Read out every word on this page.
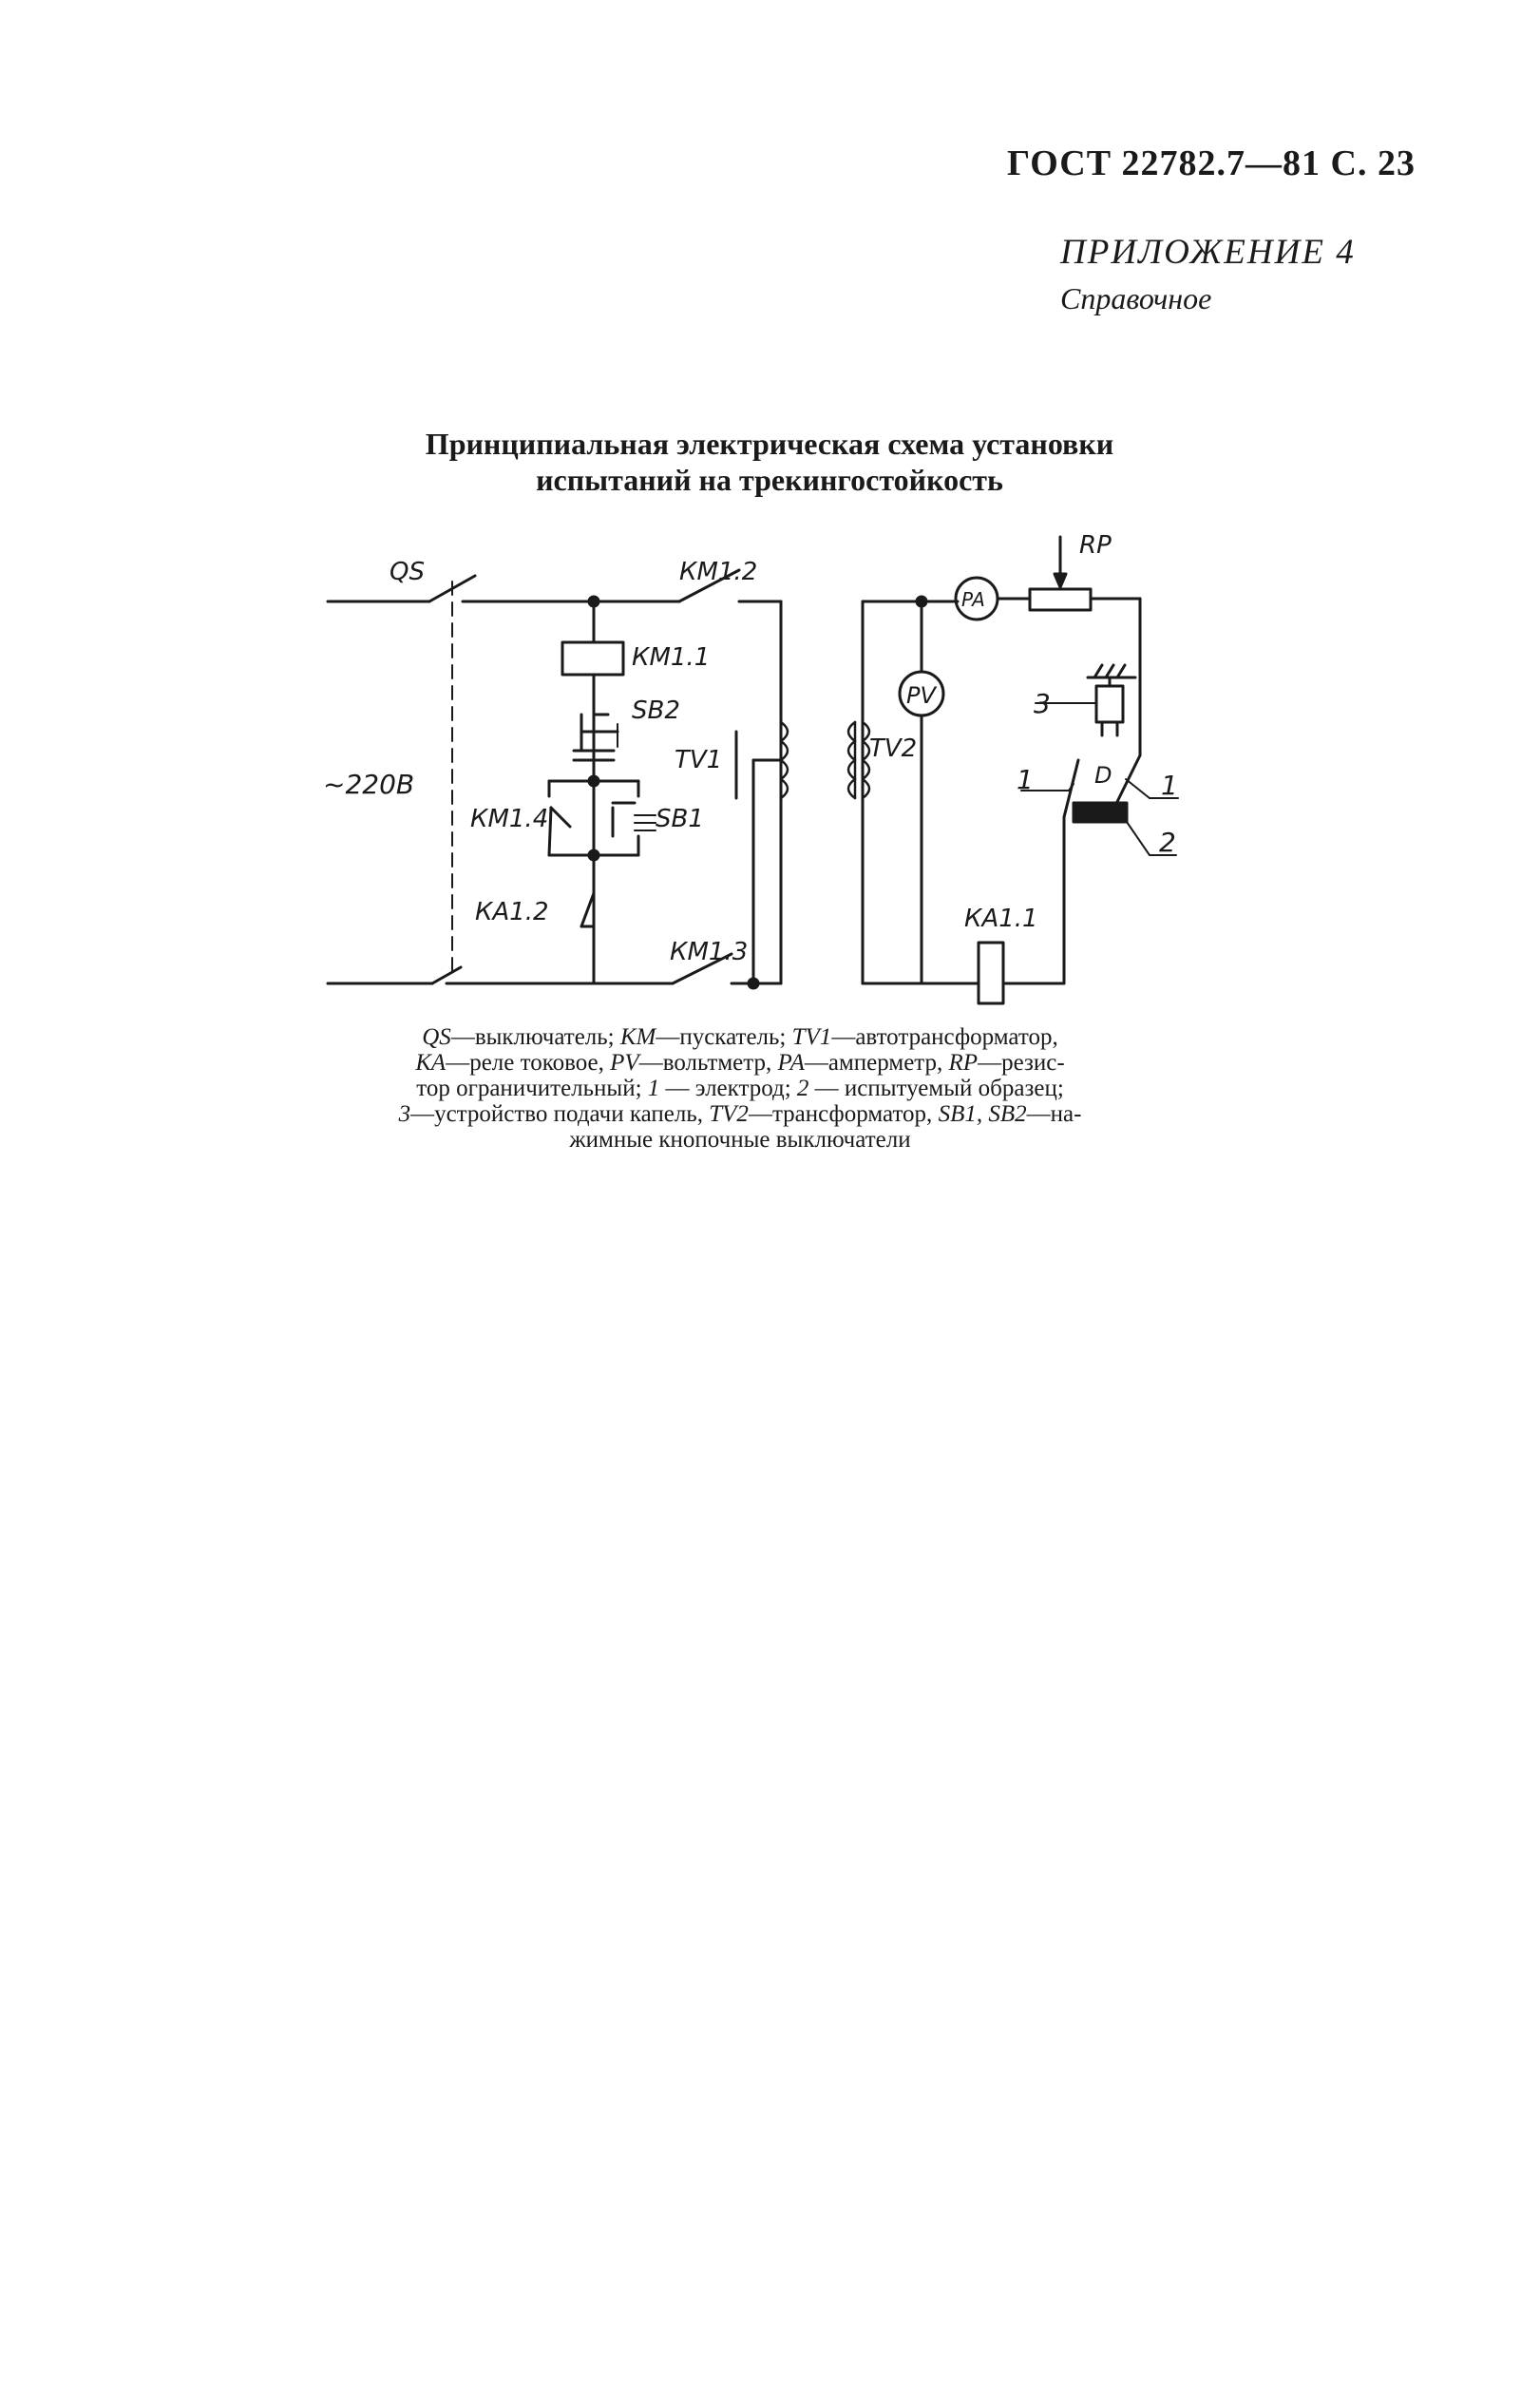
ГОСТ 22782.7—81 С. 23
ПРИЛОЖЕНИЕ 4
Справочное
Принципиальная электрическая схема установки
испытаний на трекингостойкость
QS
~220В
КМ1.1
КМ1.2
КМ1.3
КМ1.4	SB1
SB2
КА1.1
КА1.2
TV1	TV2
PV
PA
RP
D
1	1
2
3
QS—выключатель; КМ—пускатель; TV1—автотрансформатор,
КА—реле токовое, PV—вольтметр, РА—амперметр, RP—резис-
тор ограничительный; 1 — электрод; 2 — испытуемый образец;
3—устройство подачи капель, TV2—трансформатор, SB1, SB2—на-
жимные кнопочные выключатели
